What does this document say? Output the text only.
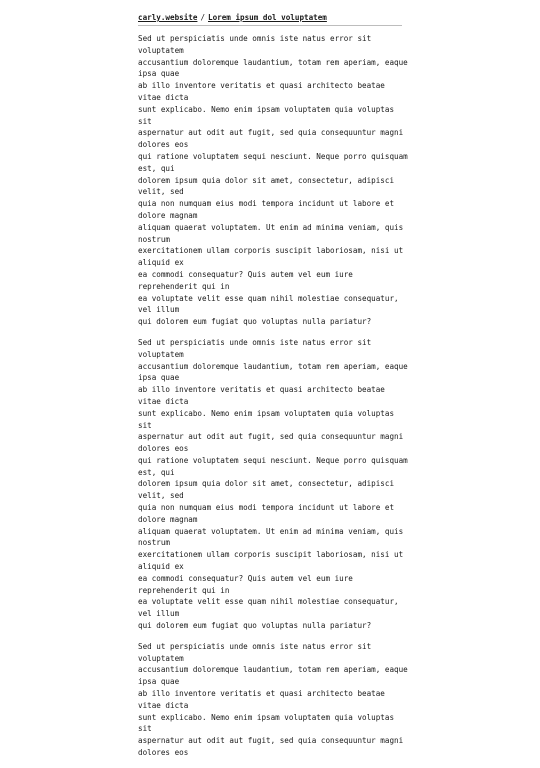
carly.website / Lorem ipsum dol voluptatem

Sed ut perspiciatis unde omnis iste natus error sit voluptatem
accusantium doloremque laudantium, totam rem aperiam, eaque ipsa quae
ab illo inventore veritatis et quasi architecto beatae vitae dicta
sunt explicabo. Nemo enim ipsam voluptatem quia voluptas sit
aspernatur aut odit aut fugit, sed quia consequuntur magni dolores eos
qui ratione voluptatem sequi nesciunt. Neque porro quisquam est, qui
dolorem ipsum quia dolor sit amet, consectetur, adipisci velit, sed
quia non numquam eius modi tempora incidunt ut labore et dolore magnam
aliquam quaerat voluptatem. Ut enim ad minima veniam, quis nostrum
exercitationem ullam corporis suscipit laboriosam, nisi ut aliquid ex
ea commodi consequatur? Quis autem vel eum iure reprehenderit qui in
ea voluptate velit esse quam nihil molestiae consequatur, vel illum
qui dolorem eum fugiat quo voluptas nulla pariatur?

Sed ut perspiciatis unde omnis iste natus error sit voluptatem
accusantium doloremque laudantium, totam rem aperiam, eaque ipsa quae
ab illo inventore veritatis et quasi architecto beatae vitae dicta
sunt explicabo. Nemo enim ipsam voluptatem quia voluptas sit
aspernatur aut odit aut fugit, sed quia consequuntur magni dolores eos
qui ratione voluptatem sequi nesciunt. Neque porro quisquam est, qui
dolorem ipsum quia dolor sit amet, consectetur, adipisci velit, sed
quia non numquam eius modi tempora incidunt ut labore et dolore magnam
aliquam quaerat voluptatem. Ut enim ad minima veniam, quis nostrum
exercitationem ullam corporis suscipit laboriosam, nisi ut aliquid ex
ea commodi consequatur? Quis autem vel eum iure reprehenderit qui in
ea voluptate velit esse quam nihil molestiae consequatur, vel illum
qui dolorem eum fugiat quo voluptas nulla pariatur?

Sed ut perspiciatis unde omnis iste natus error sit voluptatem
accusantium doloremque laudantium, totam rem aperiam, eaque ipsa quae
ab illo inventore veritatis et quasi architecto beatae vitae dicta
sunt explicabo. Nemo enim ipsam voluptatem quia voluptas sit
aspernatur aut odit aut fugit, sed quia consequuntur magni dolores eos
